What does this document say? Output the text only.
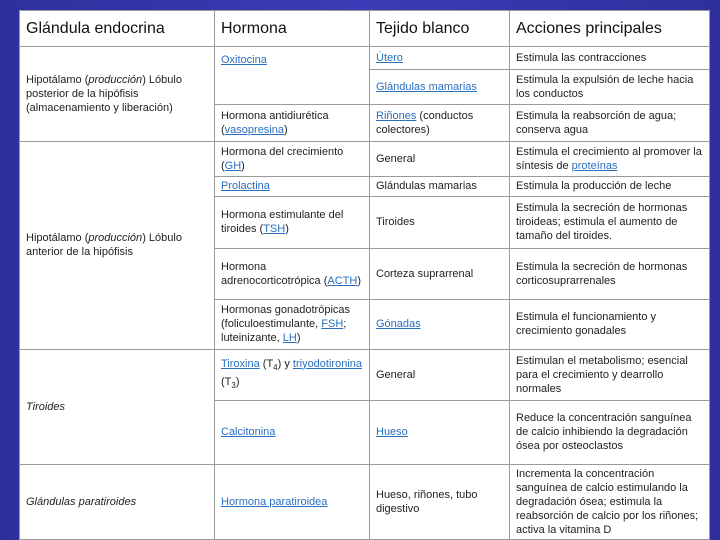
Glándula endocrina	Hormona	Tejido blanco	Acciones principales
Hipotálamo (producción) Lóbulo posterior de la hipófisis (almacenamiento y liberación)	Oxitocina	Útero	Estimula las contracciones
		Glándulas mamarias	Estimula la expulsión de leche hacia los conductos
	Hormona antidiurética (vasopresina)	Riñones (conductos colectores)	Estimula la reabsorción de agua; conserva agua
Hipotálamo (producción) Lóbulo anterior de la hipófisis	Hormona del crecimiento (GH)	General	Estimula el crecimiento al promover la síntesis de proteínas
	Prolactina	Glándulas mamarias	Estimula la producción de leche
	Hormona estimulante del tiroides (TSH)	Tiroides	Estimula la secreción de hormonas tiroideas; estimula el aumento de tamaño del tiroides.
	Hormona adrenocorticotrópica (ACTH)	Corteza suprarrenal	Estimula la secreción de hormonas corticosuprarrenales
	Hormonas gonadotrópicas (foliculoestimulante, FSH; luteinizante, LH)	Gónadas	Estimula el funcionamiento y crecimiento gonadales
Tiroides	Tiroxina $(T_4)$ y triyodotironina $(T_3)$	General	Estimulan el metabolismo; esencial para el crecimiento y dearrollo normales
	Calcitonina	Hueso	Reduce la concentración sanguínea de calcio inhibiendo la degradación ósea por osteoclastos
Glándulas paratiroides	Hormona paratiroidea	Hueso, riñones, tubo digestivo	Incrementa la concentración sanguínea de calcio estimulando la degradación ósea; estimula la reabsorción de calcio por los riñones; activa la vitamina D
